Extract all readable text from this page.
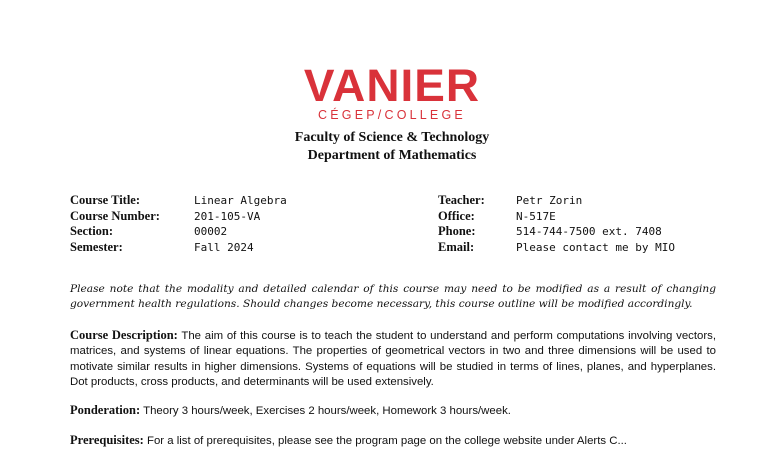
VANIER
CÉGEP/COLLEGE
Faculty of Science & Technology
Department of Mathematics
Course Title:	Linear Algebra
Course Number:	201-105-VA
Section:	00002
Semester:	Fall 2024
Teacher:	Petr Zorin
Office:	N-517E
Phone:	514-744-7500 ext. 7408
Email:	Please contact me by MIO
Please note that the modality and detailed calendar of this course may need to be modified as a result of changing government health regulations. Should changes become necessary, this course outline will be modified accordingly.
Course Description: The aim of this course is to teach the student to understand and perform computations involving vectors, matrices, and systems of linear equations. The properties of geometrical vectors in two and three dimensions will be used to motivate similar results in higher dimensions. Systems of equations will be studied in terms of lines, planes, and hyperplanes. Dot products, cross products, and determinants will be used extensively.
Ponderation: Theory 3 hours/week, Exercises 2 hours/week, Homework 3 hours/week.
Prerequisites: For a list of prerequisites, please see the program page on the college website under Alerts C...
